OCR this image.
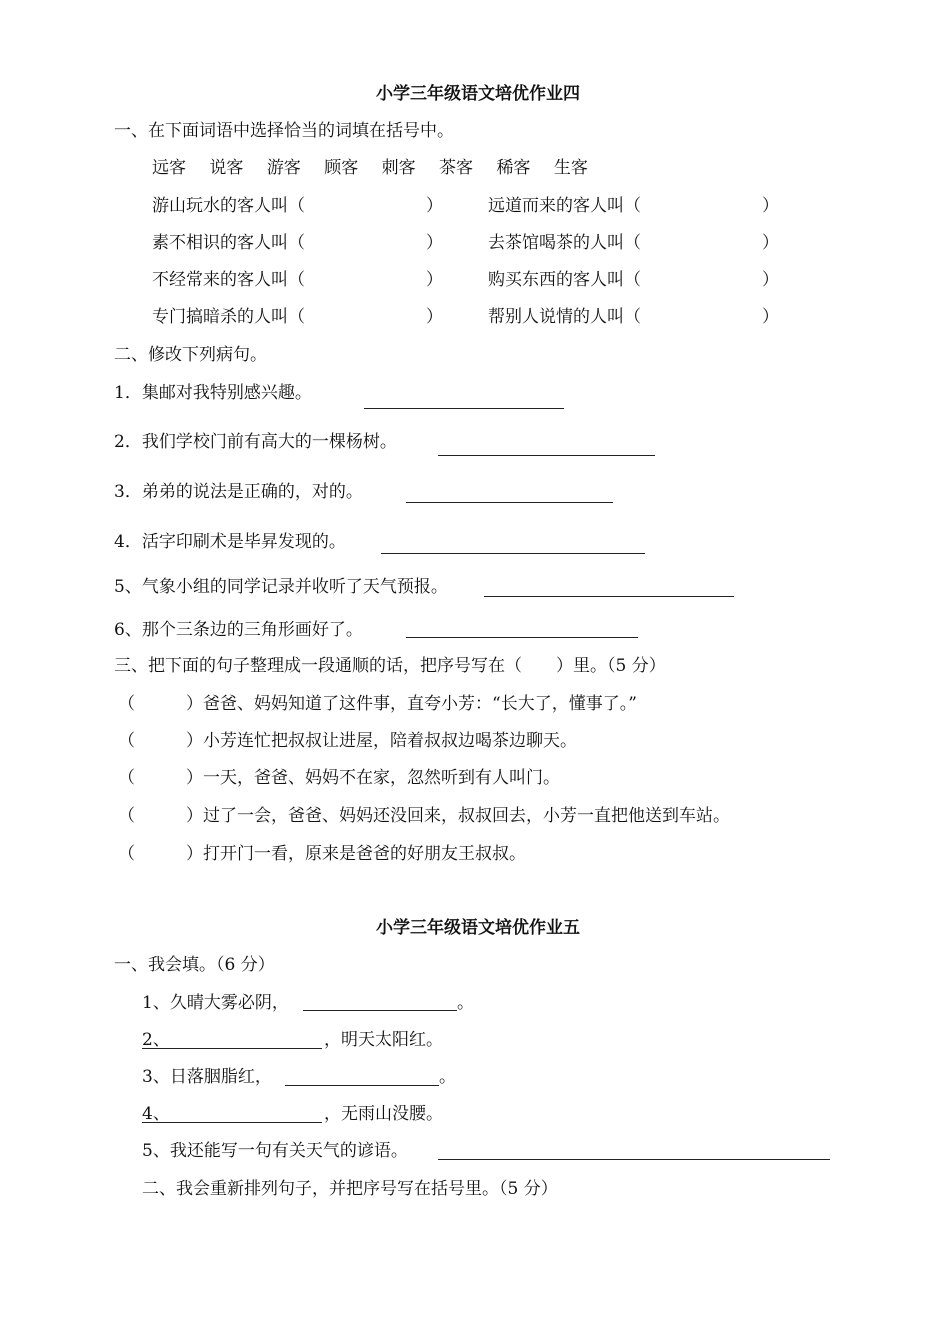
小学三年级语文培优作业四
一、在下面词语中选择恰当的词填在括号中。
远客 说客 游客 顾客 刺客 茶客 稀客 生客
游山玩水的客人叫（	）	远道而来的客人叫（	）
素不相识的客人叫（	）	去茶馆喝茶的人叫（	）
不经常来的客人叫（	）	购买东西的客人叫（	）
专门搞暗杀的人叫（	）	帮别人说情的人叫（	）
二、修改下列病句。
1．集邮对我特别感兴趣。
2．我们学校门前有高大的一棵杨树。
3．弟弟的说法是正确的，对的。
4．活字印刷术是毕昇发现的。
5、气象小组的同学记录并收听了天气预报。
6、那个三条边的三角形画好了。
三、把下面的句子整理成一段通顺的话，把序号写在（　　）里。（5 分）
（　　　）爸爸、妈妈知道了这件事，直夸小芳：“长大了，懂事了。”
（　　　）小芳连忙把叔叔让进屋，陪着叔叔边喝茶边聊天。
（　　　）一天，爸爸、妈妈不在家，忽然听到有人叫门。
（　　　）过了一会，爸爸、妈妈还没回来，叔叔回去，小芳一直把他送到车站。
（　　　）打开门一看，原来是爸爸的好朋友王叔叔。
小学三年级语文培优作业五
一、我会填。（6 分）
1、久晴大雾必阴，	。
2、	，明天太阳红。
3、日落胭脂红，	。
4、	，无雨山没腰。
5、我还能写一句有关天气的谚语。
二、我会重新排列句子，并把序号写在括号里。（5 分）
